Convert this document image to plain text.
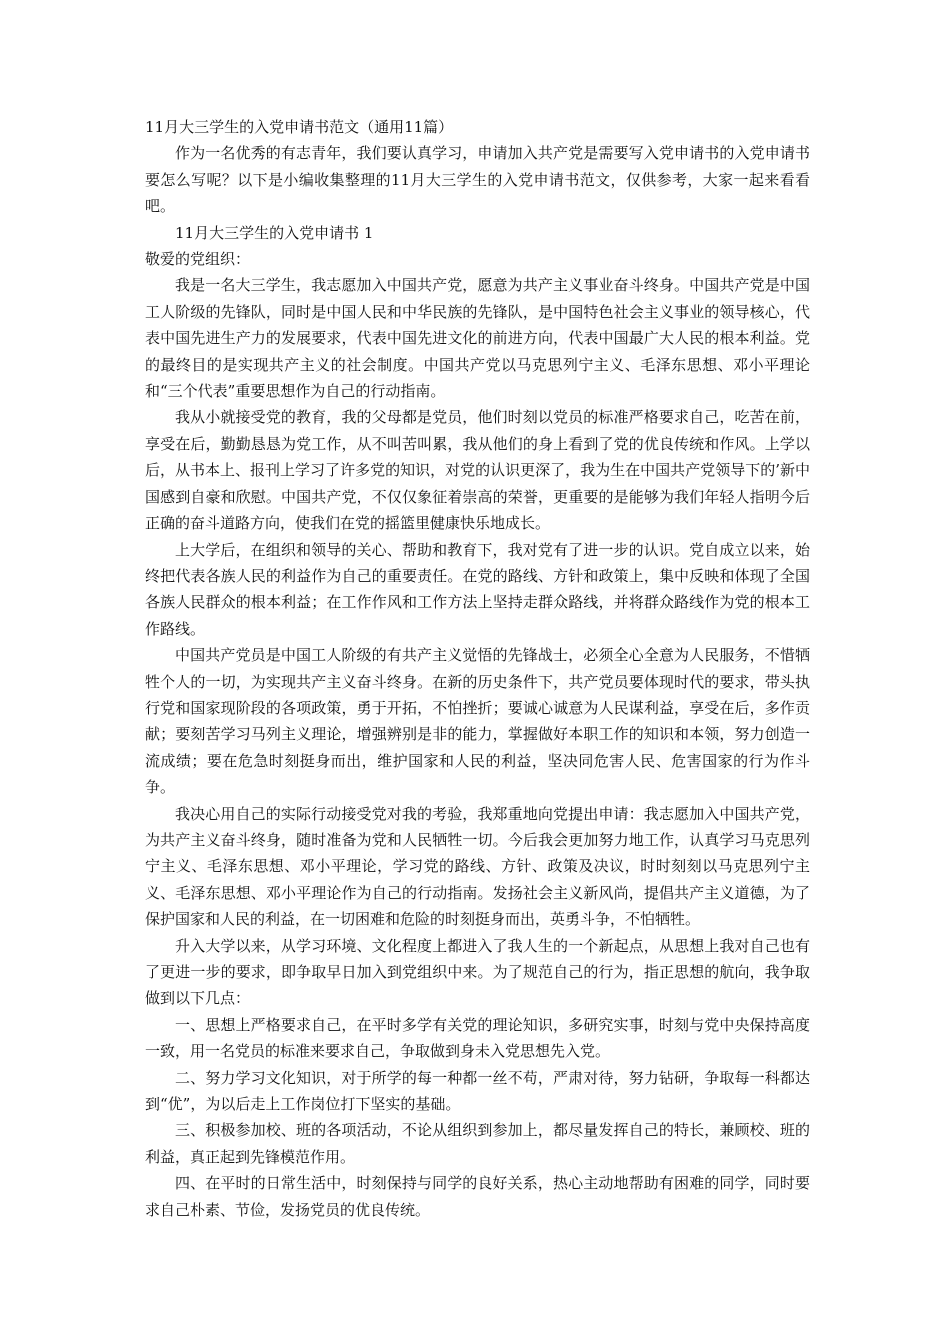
11月大三学生的入党申请书范文（通用11篇）

作为一名优秀的有志青年，我们要认真学习，申请加入共产党是需要写入党申请书的入党申请书要怎么写呢？以下是小编收集整理的11月大三学生的入党申请书范文，仅供参考，大家一起来看看吧。

11月大三学生的入党申请书 1

敬爱的党组织：

我是一名大三学生，我志愿加入中国共产党，愿意为共产主义事业奋斗终身。中国共产党是中国工人阶级的先锋队，同时是中国人民和中华民族的先锋队，是中国特色社会主义事业的领导核心，代表中国先进生产力的发展要求，代表中国先进文化的前进方向，代表中国最广大人民的根本利益。党的最终目的是实现共产主义的社会制度。中国共产党以马克思列宁主义、毛泽东思想、邓小平理论和“三个代表”重要思想作为自己的行动指南。

我从小就接受党的教育，我的父母都是党员，他们时刻以党员的标准严格要求自己，吃苦在前，享受在后，勤勤恳恳为党工作，从不叫苦叫累，我从他们的身上看到了党的优良传统和作风。上学以后，从书本上、报刊上学习了许多党的知识，对党的认识更深了，我为生在中国共产党领导下的’新中国感到自豪和欣慰。中国共产党，不仅仅象征着崇高的荣誉，更重要的是能够为我们年轻人指明今后正确的奋斗道路方向，使我们在党的摇篮里健康快乐地成长。

上大学后，在组织和领导的关心、帮助和教育下，我对党有了进一步的认识。党自成立以来，始终把代表各族人民的利益作为自己的重要责任。在党的路线、方针和政策上，集中反映和体现了全国各族人民群众的根本利益；在工作作风和工作方法上坚持走群众路线，并将群众路线作为党的根本工作路线。

中国共产党员是中国工人阶级的有共产主义觉悟的先锋战士，必须全心全意为人民服务，不惜牺牲个人的一切，为实现共产主义奋斗终身。在新的历史条件下，共产党员要体现时代的要求，带头执行党和国家现阶段的各项政策，勇于开拓，不怕挫折；要诚心诚意为人民谋利益，享受在后，多作贡献；要刻苦学习马列主义理论，增强辨别是非的能力，掌握做好本职工作的知识和本领，努力创造一流成绩；要在危急时刻挺身而出，维护国家和人民的利益，坚决同危害人民、危害国家的行为作斗争。

我决心用自己的实际行动接受党对我的考验，我郑重地向党提出申请：我志愿加入中国共产党，为共产主义奋斗终身，随时准备为党和人民牺牲一切。今后我会更加努力地工作，认真学习马克思列宁主义、毛泽东思想、邓小平理论，学习党的路线、方针、政策及决议，时时刻刻以马克思列宁主义、毛泽东思想、邓小平理论作为自己的行动指南。发扬社会主义新风尚，提倡共产主义道德，为了保护国家和人民的利益，在一切困难和危险的时刻挺身而出，英勇斗争，不怕牺牲。

升入大学以来，从学习环境、文化程度上都进入了我人生的一个新起点，从思想上我对自己也有了更进一步的要求，即争取早日加入到党组织中来。为了规范自己的行为，指正思想的航向，我争取做到以下几点：

一、思想上严格要求自己，在平时多学有关党的理论知识，多研究实事，时刻与党中央保持高度一致，用一名党员的标准来要求自己，争取做到身未入党思想先入党。

二、努力学习文化知识，对于所学的每一种都一丝不苟，严肃对待，努力钻研，争取每一科都达到“优”，为以后走上工作岗位打下坚实的基础。

三、积极参加校、班的各项活动，不论从组织到参加上，都尽量发挥自己的特长，兼顾校、班的利益，真正起到先锋模范作用。

四、在平时的日常生活中，时刻保持与同学的良好关系，热心主动地帮助有困难的同学，同时要求自己朴素、节俭，发扬党员的优良传统。
